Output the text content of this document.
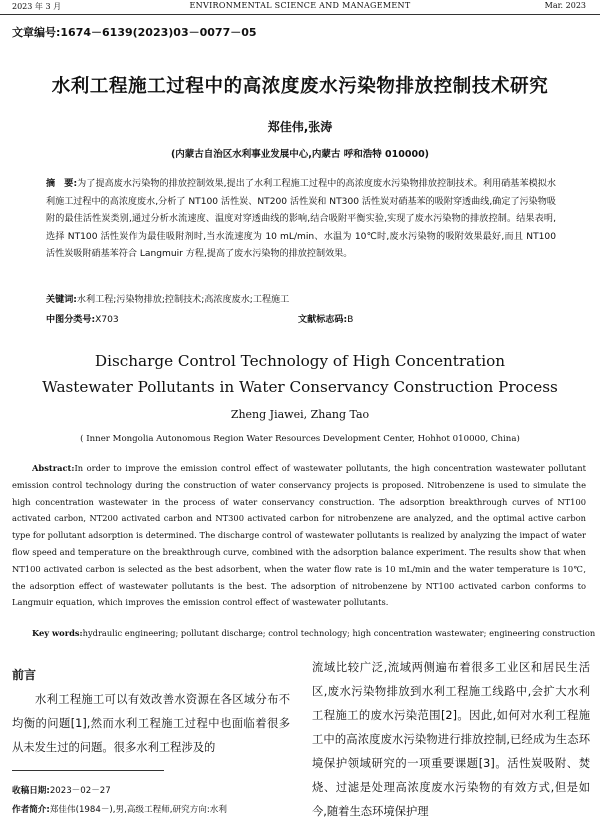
2023 年 3 月	ENVIRONMENTAL SCIENCE AND MANAGEMENT	Mar. 2023
文章编号:1674－6139(2023)03－0077－05
水利工程施工过程中的高浓度废水污染物排放控制技术研究
郑佳伟,张涛
(内蒙古自治区水利事业发展中心,内蒙古 呼和浩特 010000)
摘　要:为了提高废水污染物的排放控制效果,提出了水利工程施工过程中的高浓度废水污染物排放控制技术。利用硝基苯模拟水利施工过程中的高浓度废水,分析了 NT100 活性炭、NT200 活性炭和 NT300 活性炭对硝基苯的吸附穿透曲线,确定了污染物吸附的最佳活性炭类别,通过分析水流速度、温度对穿透曲线的影响,结合吸附平衡实验,实现了废水污染物的排放控制。结果表明,选择 NT100 活性炭作为最佳吸附剂时,当水流速度为 10 mL/min、水温为 10℃时,废水污染物的吸附效果最好,而且 NT100 活性炭吸附硝基苯符合 Langmuir 方程,提高了废水污染物的排放控制效果。
关键词:水利工程;污染物排放;控制技术;高浓度废水;工程施工
中图分类号:X703	文献标志码:B
Discharge Control Technology of High Concentration
Wastewater Pollutants in Water Conservancy Construction Process
Zheng Jiawei, Zhang Tao
( Inner Mongolia Autonomous Region Water Resources Development Center, Hohhot 010000, China)
Abstract:In order to improve the emission control effect of wastewater pollutants, the high concentration wastewater pollutant emission control technology during the construction of water conservancy projects is proposed. Nitrobenzene is used to simulate the high concentration wastewater in the process of water conservancy construction. The adsorption breakthrough curves of NT100 activated carbon, NT200 activated carbon and NT300 activated carbon for nitrobenzene are analyzed, and the optimal active carbon type for pollutant adsorption is determined. The discharge control of wastewater pollutants is realized by analyzing the impact of water flow speed and temperature on the breakthrough curve, combined with the adsorption balance experiment. The results show that when NT100 activated carbon is selected as the best adsorbent, when the water flow rate is 10 mL/min and the water temperature is 10℃, the adsorption effect of wastewater pollutants is the best. The adsorption of nitrobenzene by NT100 activated carbon conforms to Langmuir equation, which improves the emission control effect of wastewater pollutants.
Key words:hydraulic engineering; pollutant discharge; control technology; high concentration wastewater; engineering construction
前言
水利工程施工可以有效改善水资源在各区域分布不均衡的问题[1],然而水利工程施工过程中也面临着很多从未发生过的问题。很多水利工程涉及的
流域比较广泛,流域两侧遍布着很多工业区和居民生活区,废水污染物排放到水利工程施工线路中,会扩大水利工程施工的废水污染范围[2]。因此,如何对水利工程施工中的高浓度废水污染物进行排放控制,已经成为生态环境保护领域研究的一项重要课题[3]。活性炭吸附、焚烧、过滤是处理高浓度废水污染物的有效方式,但是如今,随着生态环境保护理
收稿日期:2023－02－27
作者简介:郑佳伟(1984－),男,高级工程师,研究方向:水利
